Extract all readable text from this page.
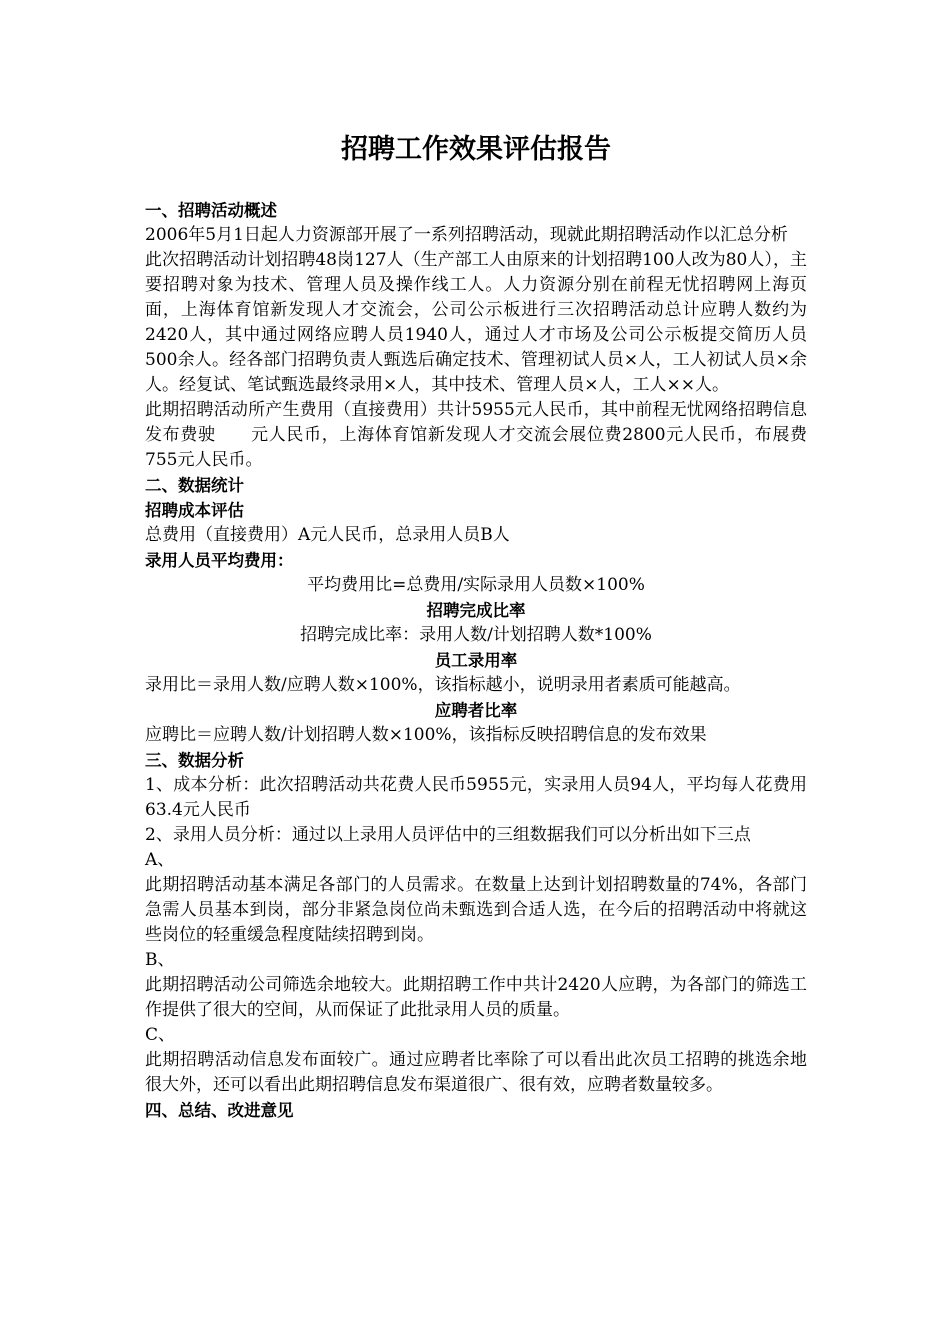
招聘工作效果评估报告
一、招聘活动概述

2006年5月1日起人力资源部开展了一系列招聘活动，现就此期招聘活动作以汇总分析

此次招聘活动计划招聘48岗127人（生产部工人由原来的计划招聘100人改为80人），主要招聘对象为技术、管理人员及操作线工人。人力资源分别在前程无忧招聘网上海页面，上海体育馆新发现人才交流会，公司公示板进行三次招聘活动总计应聘人数约为2420人，其中通过网络应聘人员1940人，通过人才市场及公司公示板提交简历人员500余人。经各部门招聘负责人甄选后确定技术、管理初试人员×人，工人初试人员×余人。经复试、笔试甄选最终录用×人，其中技术、管理人员×人，工人××人。

此期招聘活动所产生费用（直接费用）共计5955元人民币，其中前程无忧网络招聘信息发布费驶　　元人民币，上海体育馆新发现人才交流会展位费2800元人民币，布展费755元人民币。

二、数据统计
招聘成本评估

总费用（直接费用）A元人民币，总录用人员B人

录用人员平均费用：

平均费用比=总费用/实际录用人员数×100%

招聘完成比率

招聘完成比率：录用人数/计划招聘人数*100%

员工录用率

录用比＝录用人数/应聘人数×100%，该指标越小，说明录用者素质可能越高。

应聘者比率

应聘比＝应聘人数/计划招聘人数×100%，该指标反映招聘信息的发布效果

三、数据分析

1、成本分析：此次招聘活动共花费人民币5955元，实录用人员94人，平均每人花费用63.4元人民币

2、录用人员分析：通过以上录用人员评估中的三组数据我们可以分析出如下三点

A、

此期招聘活动基本满足各部门的人员需求。在数量上达到计划招聘数量的74%，各部门急需人员基本到岗，部分非紧急岗位尚未甄选到合适人选，在今后的招聘活动中将就这些岗位的轻重缓急程度陆续招聘到岗。

B、

此期招聘活动公司筛选余地较大。此期招聘工作中共计2420人应聘，为各部门的筛选工作提供了很大的空间，从而保证了此批录用人员的质量。

C、

此期招聘活动信息发布面较广。通过应聘者比率除了可以看出此次员工招聘的挑选余地很大外，还可以看出此期招聘信息发布渠道很广、很有效，应聘者数量较多。

四、总结、改进意见
